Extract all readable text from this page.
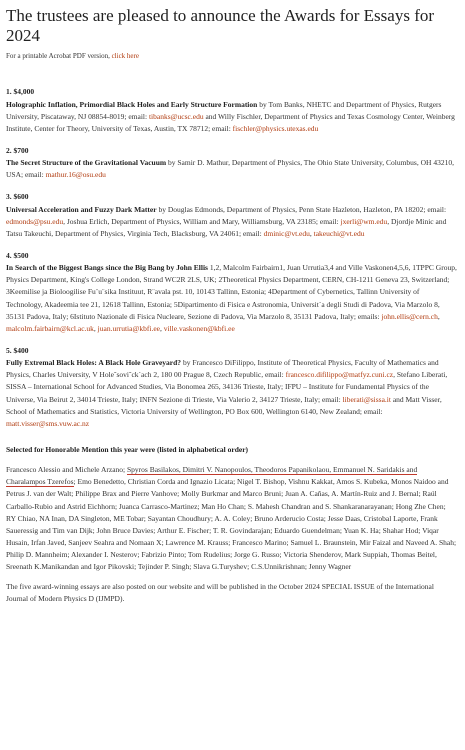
The trustees are pleased to announce the Awards for Essays for 2024

For a printable Acrobat PDF version, click here

1. $4,000

Holographic Inflation, Primordial Black Holes and Early Structure Formation by Tom Banks, NHETC and Department of Physics, Rutgers University, Piscataway, NJ 08854-8019; email: tibanks@ucsc.edu and Willy Fischler, Department of Physics and Texas Cosmology Center, Weinberg Institute, Center for Theory, University of Texas, Austin, TX 78712; email: fischler@physics.utexas.edu

2. $700

The Secret Structure of the Gravitational Vacuum by Samir D. Mathur, Department of Physics, The Ohio State University, Columbus, OH 43210, USA; email: mathur.16@osu.edu

3. $600

Universal Acceleration and Fuzzy Dark Matter by Douglas Edmonds, Department of Physics, Penn State Hazleton, Hazleton, PA 18202; email: edmonds@psu.edu, Joshua Erlich, Department of Physics, William and Mary, Williamsburg, VA 23185; email: jxerli@wm.edu, Djordje Minic and Tatsu Takeuchi, Department of Physics, Virginia Tech, Blacksburg, VA 24061; email: dminic@vt.edu, takeuchi@vt.edu

4. $500

In Search of the Biggest Bangs since the Big Bang by John Ellis 1,2, Malcolm Fairbairn1, Juan Urrutia3,4 and Ville Vaskonen4,5,6, 1TPPC Group, Physics Department, King's College London, Strand WC2R 2LS, UK; 2Theoretical Physics Department, CERN, CH-1211 Geneva 23, Switzerland; 3Keemilise ja Bioloogilise Fu¨u¨sika Instituut, R¨avala pst. 10, 10143 Tallinn, Estonia; 4Department of Cybernetics, Tallinn University of Technology, Akadeemia tee 21, 12618 Tallinn, Estonia; 5Dipartimento di Fisica e Astronomia, Universit`a degli Studi di Padova, Via Marzolo 8, 35131 Padova, Italy; 6Istituto Nazionale di Fisica Nucleare, Sezione di Padova, Via Marzolo 8, 35131 Padova, Italy; emails: john.ellis@cern.ch, malcolm.fairbairn@kcl.ac.uk, juan.urrutia@kbfi.ee, ville.vaskonen@kbfi.ee

5. $400

Fully Extremal Black Holes: A Black Hole Graveyard? by Francesco DiFilippo, Institute of Theoretical Physics, Faculty of Mathematics and Physics, Charles University, V Hole˘sovi˘ck´ach 2, 180 00 Prague 8, Czech Republic, email: francesco.difilippo@matfyz.cuni.cz, Stefano Liberati, SISSA – International School for Advanced Studies, Via Bonomea 265, 34136 Trieste, Italy; IFPU – Institute for Fundamental Physics of the Universe, Via Beirut 2, 34014 Trieste, Italy; INFN Sezione di Trieste, Via Valerio 2, 34127 Trieste, Italy; email: liberati@sissa.it and Matt Visser, School of Mathematics and Statistics, Victoria University of Wellington, PO Box 600, Wellington 6140, New Zealand; email: matt.visser@sms.vuw.ac.nz

Selected for Honorable Mention this year were (listed in alphabetical order)

Francesco Alessio and Michele Arzano; Spyros Basilakos, Dimitri V. Nanopoulos, Theodoros Papanikolaou, Emmanuel N. Saridakis and Charalampos Tzerefos; Emo Benedetto, Christian Corda and Ignazio Licata; Nigel T. Bishop, Vishnu Kakkat, Amos S. Kubeka, Monos Naidoo and Petrus J. van der Walt; Philippe Brax and Pierre Vanhove; Molly Burkmar and Marco Bruni; Juan A. Cañas, A. Martín-Ruiz and J. Bernal; Raúl Carballo-Rubio and Astrid Eichhorn; Juanca Carrasco-Martinez; Man Ho Chan; S. Mahesh Chandran and S. Shankaranarayanan; Hong Zhe Chen; RY Chiao, NA Inan, DA Singleton, ME Tobar; Sayantan Choudhury; A. A. Coley; Bruno Arderucio Costa; Jesse Daas, Cristobal Laporte, Frank Saueressig and Tim van Dijk; John Bruce Davies; Arthur E. Fischer; T. R. Govindarajan; Eduardo Guendelman; Yuan K. Ha; Shahar Hod; Viqar Husain, Irfan Javed, Sanjeev Seahra and Nomaan X; Lawrence M. Krauss; Francesco Marino; Samuel L. Braunstein, Mir Faizal and Naveed A. Shah; Philip D. Mannheim; Alexander I. Nesterov; Fabrizio Pinto; Tom Rudelius; Jorge G. Russo; Victoria Shenderov, Mark Suppiah, Thomas Beitel, Sreenath K.Manikandan and Igor Pikovski; Tejinder P. Singh; Slava G.Turyshev; C.S.Unnikrishnan; Jenny Wagner

The five award-winning essays are also posted on our website and will be published in the October 2024 SPECIAL ISSUE of the International Journal of Modern Physics D (IJMPD).
